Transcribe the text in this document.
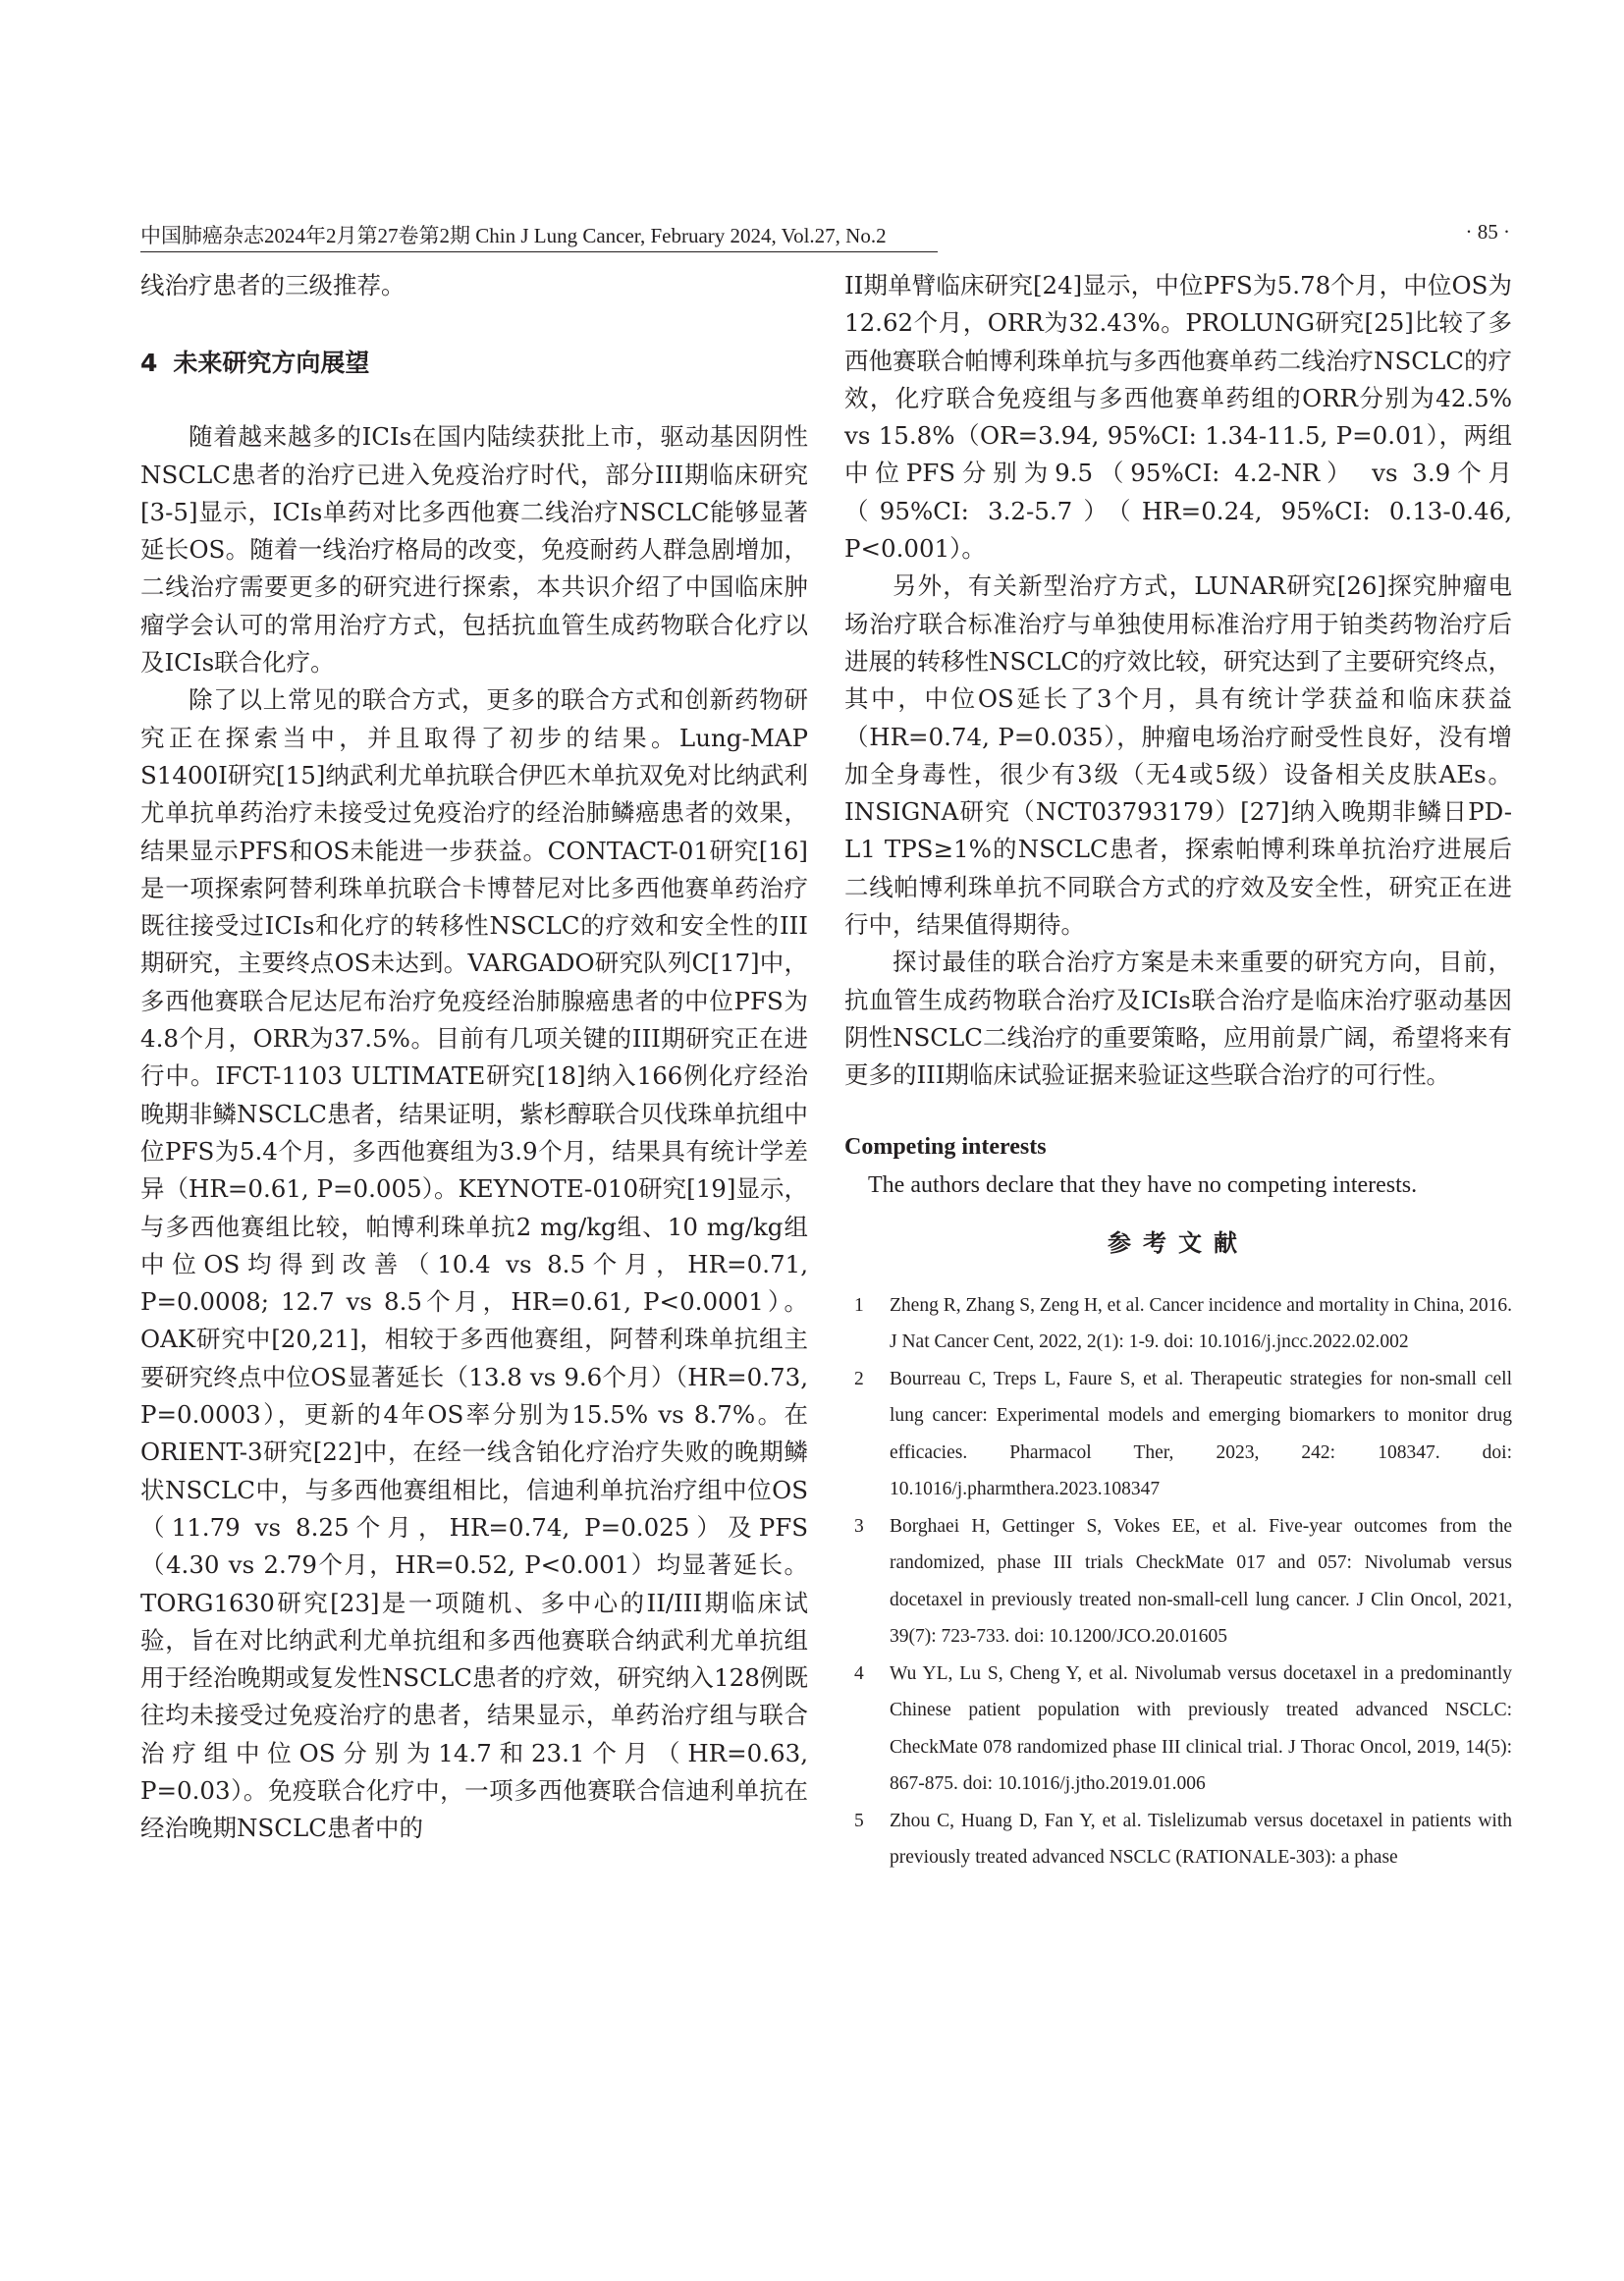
中国肺癌杂志2024年2月第27卷第2期 Chin J Lung Cancer, February 2024, Vol.27, No.2	· 85 ·

线治疗患者的三级推荐。

4 未来研究方向展望

随着越来越多的ICIs在国内陆续获批上市，驱动基因阴性NSCLC患者的治疗已进入免疫治疗时代，部分III期临床研究[3-5]显示，ICIs单药对比多西他赛二线治疗NSCLC能够显著延长OS。随着一线治疗格局的改变，免疫耐药人群急剧增加，二线治疗需要更多的研究进行探索，本共识介绍了中国临床肿瘤学会认可的常用治疗方式，包括抗血管生成药物联合化疗以及ICIs联合化疗。

除了以上常见的联合方式，更多的联合方式和创新药物研究正在探索当中，并且取得了初步的结果。Lung-MAP S1400I研究[15]纳武利尤单抗联合伊匹木单抗双免对比纳武利尤单抗单药治疗未接受过免疫治疗的经治肺鳞癌患者的效果，结果显示PFS和OS未能进一步获益。CONTACT-01研究[16]是一项探索阿替利珠单抗联合卡博替尼对比多西他赛单药治疗既往接受过ICIs和化疗的转移性NSCLC的疗效和安全性的III期研究，主要终点OS未达到。VARGADO研究队列C[17]中，多西他赛联合尼达尼布治疗免疫经治肺腺癌患者的中位PFS为4.8个月，ORR为37.5%。目前有几项关键的III期研究正在进行中。IFCT-1103 ULTIMATE研究[18]纳入166例化疗经治晚期非鳞NSCLC患者，结果证明，紫杉醇联合贝伐珠单抗组中位PFS为5.4个月，多西他赛组为3.9个月，结果具有统计学差异（HR=0.61, P=0.005）。KEYNOTE-010研究[19]显示，与多西他赛组比较，帕博利珠单抗2 mg/kg组、10 mg/kg组中位OS均得到改善（10.4 vs 8.5个月，HR=0.71, P=0.0008; 12.7 vs 8.5个月，HR=0.61, P<0.0001）。OAK研究中[20,21]，相较于多西他赛组，阿替利珠单抗组主要研究终点中位OS显著延长（13.8 vs 9.6个月）（HR=0.73, P=0.0003），更新的4年OS率分别为15.5% vs 8.7%。在ORIENT-3研究[22]中，在经一线含铂化疗治疗失败的晚期鳞状NSCLC中，与多西他赛组相比，信迪利单抗治疗组中位OS（11.79 vs 8.25个月，HR=0.74, P=0.025）及PFS（4.30 vs 2.79个月，HR=0.52, P<0.001）均显著延长。TORG1630研究[23]是一项随机、多中心的II/III期临床试验，旨在对比纳武利尤单抗组和多西他赛联合纳武利尤单抗组用于经治晚期或复发性NSCLC患者的疗效，研究纳入128例既往均未接受过免疫治疗的患者，结果显示，单药治疗组与联合治疗组中位OS分别为14.7和23.1个月（HR=0.63, P=0.03）。免疫联合化疗中，一项多西他赛联合信迪利单抗在经治晚期NSCLC患者中的

II期单臂临床研究[24]显示，中位PFS为5.78个月，中位OS为12.62个月，ORR为32.43%。PROLUNG研究[25]比较了多西他赛联合帕博利珠单抗与多西他赛单药二线治疗NSCLC的疗效，化疗联合免疫组与多西他赛单药组的ORR分别为42.5% vs 15.8%（OR=3.94, 95%CI: 1.34-11.5, P=0.01），两组中位PFS分别为9.5（95%CI: 4.2-NR） vs 3.9个月（95%CI: 3.2-5.7）（HR=0.24, 95%CI: 0.13-0.46, P<0.001）。

另外，有关新型治疗方式，LUNAR研究[26]探究肿瘤电场治疗联合标准治疗与单独使用标准治疗用于铂类药物治疗后进展的转移性NSCLC的疗效比较，研究达到了主要研究终点，其中，中位OS延长了3个月，具有统计学获益和临床获益（HR=0.74, P=0.035），肿瘤电场治疗耐受性良好，没有增加全身毒性，很少有3级（无4或5级）设备相关皮肤AEs。INSIGNA研究（NCT03793179）[27]纳入晚期非鳞日PD-L1 TPS≥1%的NSCLC患者，探索帕博利珠单抗治疗进展后二线帕博利珠单抗不同联合方式的疗效及安全性，研究正在进行中，结果值得期待。

探讨最佳的联合治疗方案是未来重要的研究方向，目前，抗血管生成药物联合治疗及ICIs联合治疗是临床治疗驱动基因阴性NSCLC二线治疗的重要策略，应用前景广阔，希望将来有更多的III期临床试验证据来验证这些联合治疗的可行性。

Competing interests

The authors declare that they have no competing interests.

参考文献
1 Zheng R, Zhang S, Zeng H, et al. Cancer incidence and mortality in China, 2016. J Nat Cancer Cent, 2022, 2(1): 1-9. doi: 10.1016/j.jncc.2022.02.002
2 Bourreau C, Treps L, Faure S, et al. Therapeutic strategies for non-small cell lung cancer: Experimental models and emerging biomarkers to monitor drug efficacies. Pharmacol Ther, 2023, 242: 108347. doi: 10.1016/j.pharmthera.2023.108347
3 Borghaei H, Gettinger S, Vokes EE, et al. Five-year outcomes from the randomized, phase III trials CheckMate 017 and 057: Nivolumab versus docetaxel in previously treated non-small-cell lung cancer. J Clin Oncol, 2021, 39(7): 723-733. doi: 10.1200/JCO.20.01605
4 Wu YL, Lu S, Cheng Y, et al. Nivolumab versus docetaxel in a predominantly Chinese patient population with previously treated advanced NSCLC: CheckMate 078 randomized phase III clinical trial. J Thorac Oncol, 2019, 14(5): 867-875. doi: 10.1016/j.jtho.2019.01.006
5 Zhou C, Huang D, Fan Y, et al. Tislelizumab versus docetaxel in patients with previously treated advanced NSCLC (RATIONALE-303): a phase
